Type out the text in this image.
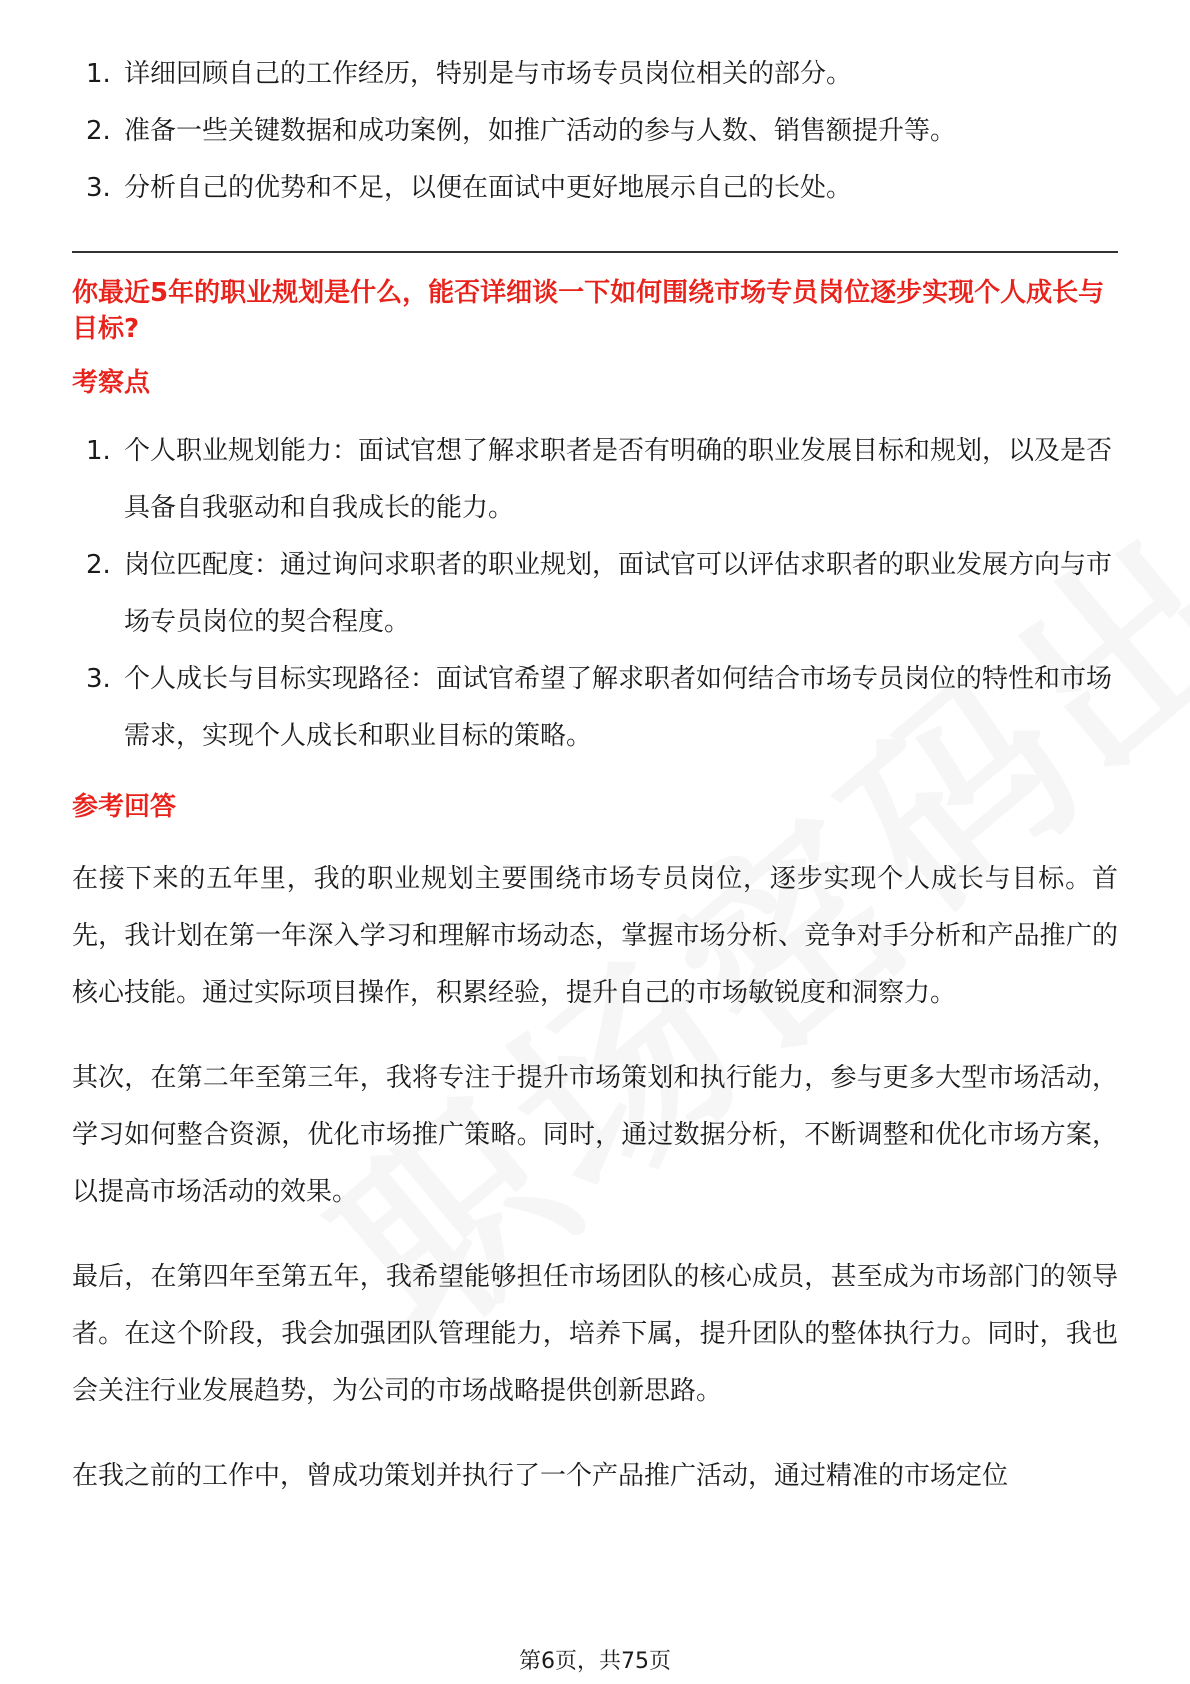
1. 详细回顾自己的工作经历，特别是与市场专员岗位相关的部分。
2. 准备一些关键数据和成功案例，如推广活动的参与人数、销售额提升等。
3. 分析自己的优势和不足，以便在面试中更好地展示自己的长处。

你最近5年的职业规划是什么，能否详细谈一下如何围绕市场专员岗位逐步实现个人成长与目标?

考察点
1. 个人职业规划能力：面试官想了解求职者是否有明确的职业发展目标和规划，以及是否具备自我驱动和自我成长的能力。
2. 岗位匹配度：通过询问求职者的职业规划，面试官可以评估求职者的职业发展方向与市场专员岗位的契合程度。
3. 个人成长与目标实现路径：面试官希望了解求职者如何结合市场专员岗位的特性和市场需求，实现个人成长和职业目标的策略。
参考回答

在接下来的五年里，我的职业规划主要围绕市场专员岗位，逐步实现个人成长与目标。首先，我计划在第一年深入学习和理解市场动态，掌握市场分析、竞争对手分析和产品推广的核心技能。通过实际项目操作，积累经验，提升自己的市场敏锐度和洞察力。

其次，在第二年至第三年，我将专注于提升市场策划和执行能力，参与更多大型市场活动，学习如何整合资源，优化市场推广策略。同时，通过数据分析，不断调整和优化市场方案，以提高市场活动的效果。

最后，在第四年至第五年，我希望能够担任市场团队的核心成员，甚至成为市场部门的领导者。在这个阶段，我会加强团队管理能力，培养下属，提升团队的整体执行力。同时，我也会关注行业发展趋势，为公司的市场战略提供创新思路。

在我之前的工作中，曾成功策划并执行了一个产品推广活动，通过精准的市场定位

第6页，共75页
